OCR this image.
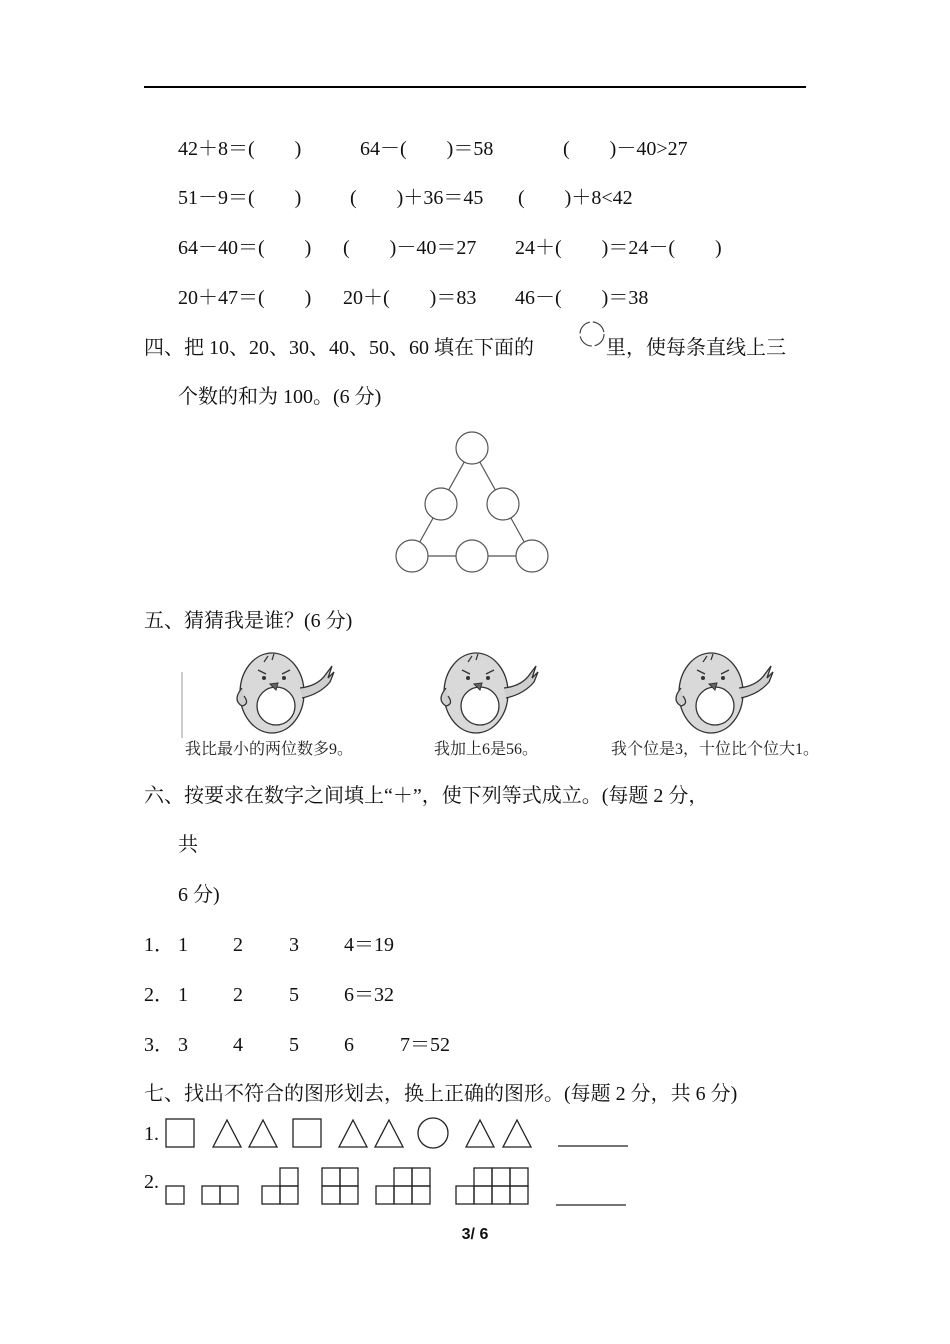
42＋8＝(        )	64－(        )＝58	(        )－40>27
51－9＝(        ) (        )＋36＝45 (        )＋8<42
64－40＝(        ) (        )－40＝27 24＋(        )＝24－(        )
20＋47＝(        ) 20＋(        )＝83 46－(        )＝38
四、把 10、20、30、40、50、60 填在下面的	里，使每条直线上三
个数的和为 100。(6 分)
五、猜猜我是谁？(6 分)
我比最小的两位数多9。	我加上6是56。	我个位是3，十位比个位大1。
六、按要求在数字之间填上“＋”，使下列等式成立。(每题 2 分，
共
6 分)
1． 1 2 3 4＝19
2． 1 2 5 6＝32
3． 3 4 5 6 7＝52
七、找出不符合的图形划去，换上正确的图形。(每题 2 分，共 6 分)
1.
2.
3/ 6
